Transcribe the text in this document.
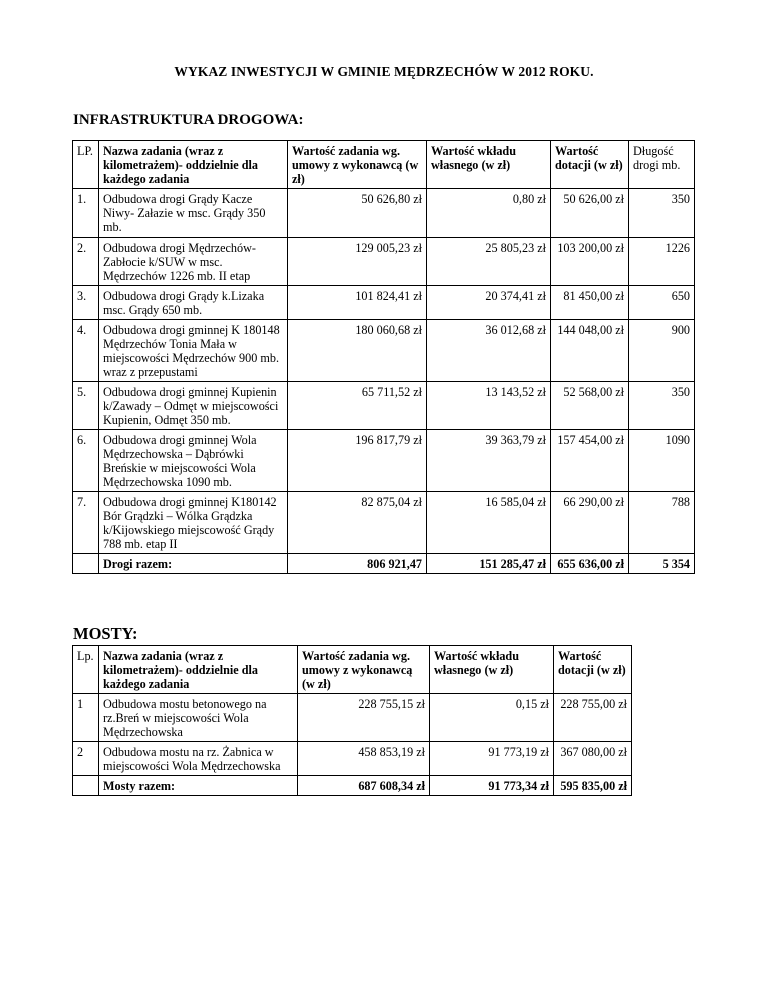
WYKAZ INWESTYCJI W GMINIE MĘDRZECHÓW W 2012 ROKU.
INFRASTRUKTURA DROGOWA:
LP.	Nazwa zadania (wraz z kilometrażem)- oddzielnie dla każdego zadania	Wartość zadania wg. umowy z wykonawcą (w zł)	Wartość wkładu własnego (w zł)	Wartość dotacji (w zł)	Długość drogi mb.
1.	Odbudowa drogi Grądy Kacze Niwy- Załazie w msc. Grądy 350 mb.	50 626,80 zł	0,80 zł	50 626,00 zł	350
2.	Odbudowa drogi Mędrzechów- Zabłocie k/SUW w msc. Mędrzechów 1226 mb. II etap	129 005,23 zł	25 805,23 zł	103 200,00 zł	1226
3.	Odbudowa drogi Grądy k.Lizaka msc. Grądy 650 mb.	101 824,41 zł	20 374,41 zł	81 450,00 zł	650
4.	Odbudowa drogi gminnej K 180148 Mędrzechów Tonia Mała w miejscowości Mędrzechów 900 mb. wraz z przepustami	180 060,68 zł	36 012,68 zł	144 048,00 zł	900
5.	Odbudowa drogi gminnej Kupienin k/Zawady – Odmęt w miejscowości Kupienin, Odmęt 350 mb.	65 711,52 zł	13 143,52 zł	52 568,00 zł	350
6.	Odbudowa drogi gminnej Wola Mędrzechowska – Dąbrówki Breńskie w miejscowości Wola Mędrzechowska 1090 mb.	196 817,79 zł	39 363,79 zł	157 454,00 zł	1090
7.	Odbudowa drogi gminnej K180142 Bór Grądzki – Wólka Grądzka k/Kijowskiego miejscowość Grądy 788 mb. etap II	82 875,04 zł	16 585,04 zł	66 290,00 zł	788
	Drogi razem:	806 921,47	151 285,47 zł	655 636,00 zł	5 354
MOSTY:
Lp.	Nazwa zadania (wraz z kilometrażem)- oddzielnie dla każdego zadania	Wartość zadania wg. umowy z wykonawcą (w zł)	Wartość wkładu własnego (w zł)	Wartość dotacji (w zł)
1	Odbudowa mostu betonowego na rz.Breń w miejscowości Wola Mędrzechowska	228 755,15 zł	0,15 zł	228 755,00 zł
2	Odbudowa mostu na rz. Żabnica w miejscowości Wola Mędrzechowska	458 853,19 zł	91 773,19 zł	367 080,00 zł
	Mosty razem:	687 608,34 zł	91 773,34 zł	595 835,00 zł
